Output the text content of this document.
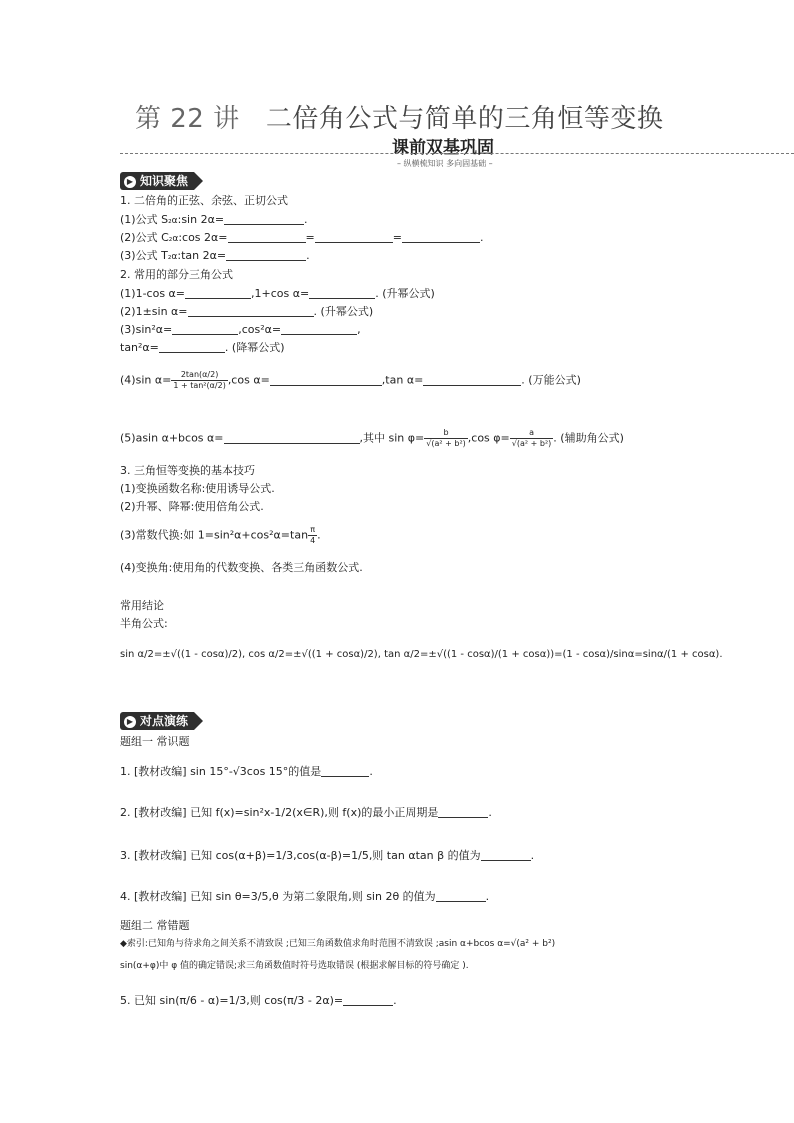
第 22 讲 二倍角公式与简单的三角恒等变换
课前双基巩固
– 纵横梳知识 多向固基础 –
▶ 知识聚焦
1. 二倍角的正弦、余弦、正切公式
(1)公式 S₂α:sin 2α=	.
(2)公式 C₂α:cos 2α=	=	=	.
(3)公式 T₂α:tan 2α=	.
2. 常用的部分三角公式
(1)1-cos α=	,1+cos α=	. (升幂公式)
(2)1±sin α=	. (升幂公式)
(3)sin²α=	,cos²α=	,
tan²α=	. (降幂公式)
(4)sin $\alpha= \frac{2\tan(\alpha/2)}{\text{1 + tan²(α/2)}} ,\cos$ α=	,tan α=	. (万能公式)
(5)asin α+bcos α=	,其中 $\sin \varphi= \frac{b}{\text{√(a² + b²)}} ,\cos$ $\varphi= \frac{a}{\text{√(a² + b²)}}$ . (辅助角公式)
3. 三角恒等变换的基本技巧
(1)变换函数名称:使用诱导公式.
(2)升幂、降幂:使用倍角公式.
(3)常数代换:如 $1=\sin^2\alpha+\cos^2\alpha=\tan \frac{\pi}{4}$ .
(4)变换角:使用角的代数变换、各类三角函数公式.
常用结论
半角公式:
sin α/2=±√((1 - cosα)/2), cos α/2=±√((1 + cosα)/2), tan α/2=±√((1 - cosα)/(1 + cosα))=(1 - cosα)/sinα=sinα/(1 + cosα).
▶ 对点演练
题组一 常识题
1. [教材改编] sin 15°-√3cos 15°的值是	.
2. [教材改编] 已知 f(x)=sin²x-1/2(x∈R),则 f(x)的最小正周期是	.
3. [教材改编] 已知 cos(α+β)=1/3,cos(α-β)=1/5,则 tan αtan β 的值为	.
4. [教材改编] 已知 sin θ=3/5,θ 为第二象限角,则 sin 2θ 的值为	.
题组二 常错题
◆索引:已知角与待求角之间关系不清致误 ;已知三角函数值求角时范围不清致误 ;asin α+bcos α=√(a² + b²)
sin(α+φ)中 φ 值的确定错误;求三角函数值时符号选取错误 (根据求解目标的符号确定 ).
5. 已知 sin(π/6 - α)=1/3,则 cos(π/3 - 2α)=	.
